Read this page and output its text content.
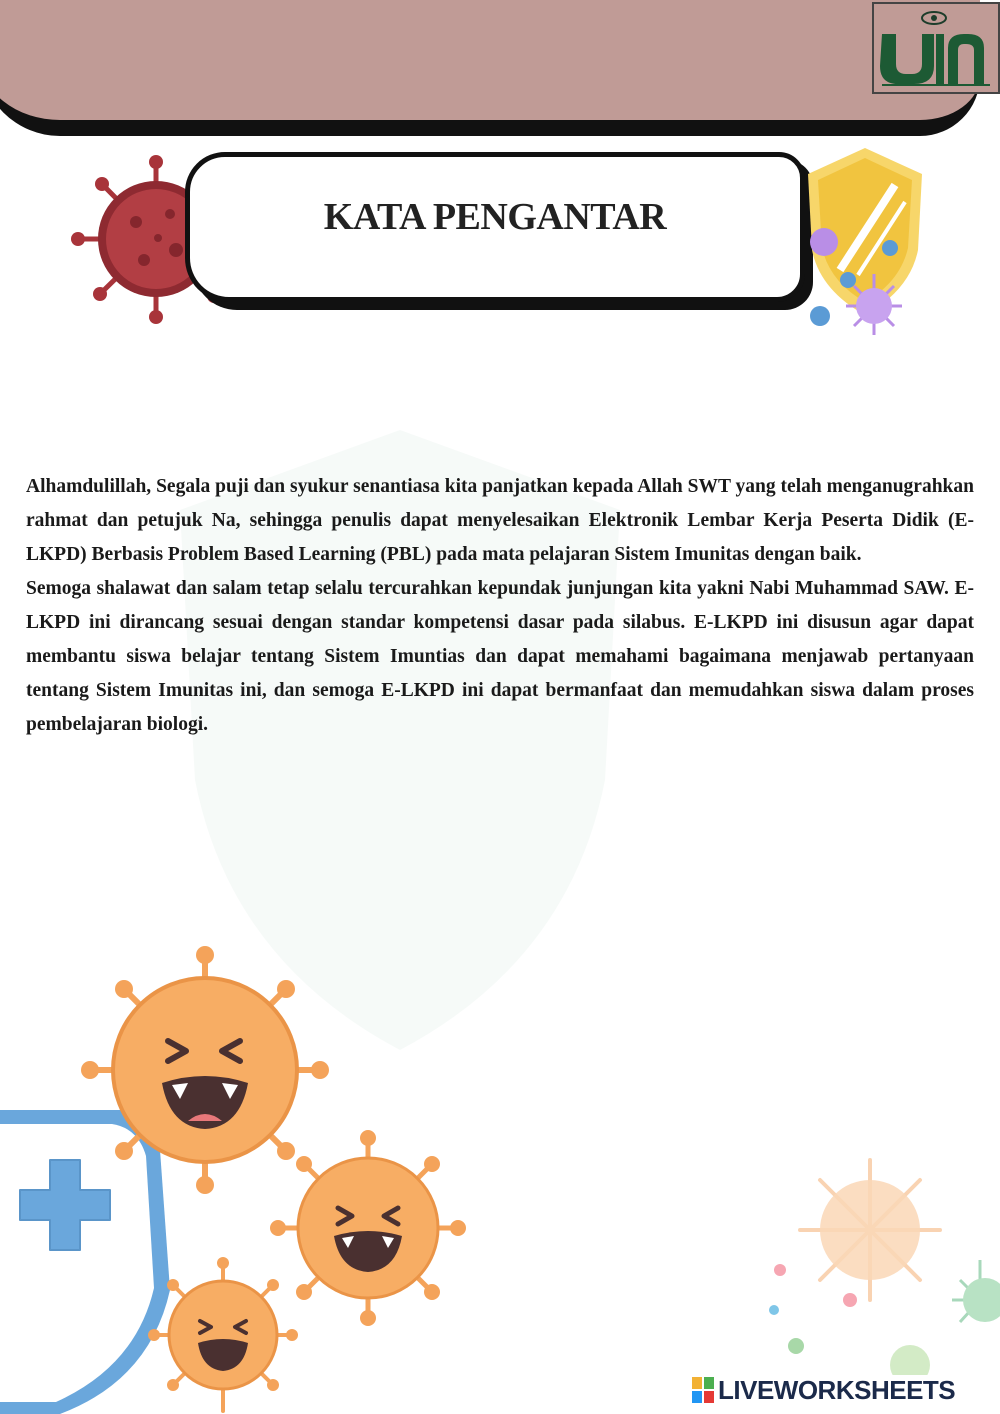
KATA PENGANTAR

Alhamdulillah, Segala puji dan syukur senantiasa kita panjatkan kepada Allah SWT yang telah menganugrahkan rahmat dan petujuk Na, sehingga penulis dapat menyelesaikan Elektronik Lembar Kerja Peserta Didik (E-LKPD) Berbasis Problem Based Learning (PBL) pada mata pelajaran Sistem Imunitas dengan baik.

Semoga shalawat dan salam tetap selalu tercurahkan kepundak junjungan kita yakni Nabi Muhammad SAW. E-LKPD ini dirancang sesuai dengan standar kompetensi dasar pada silabus. E-LKPD ini disusun agar dapat membantu siswa belajar tentang Sistem Imuntias dan dapat memahami bagaimana menjawab pertanyaan tentang Sistem Imunitas ini, dan semoga E-LKPD ini dapat bermanfaat dan memudahkan siswa dalam proses pembelajaran biologi.

LIVEWORKSHEETS
